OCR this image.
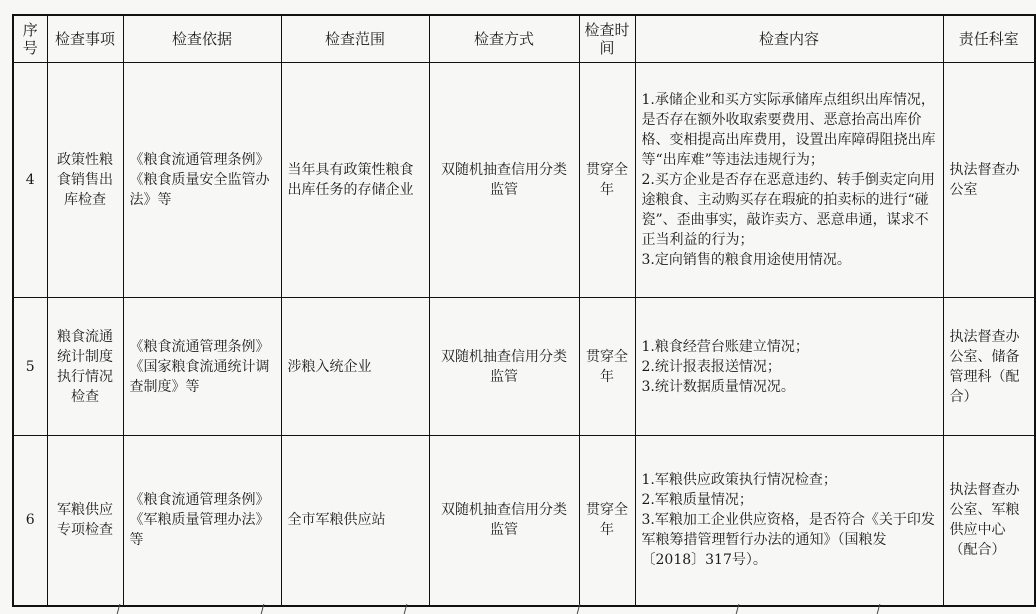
序号	检查事项	检查依据	检查范围	检查方式	检查时间	检查内容	责任科室
4	政策性粮食销售出库检查	《粮食流通管理条例》《粮食质量安全监管办法》等	当年具有政策性粮食出库任务的存储企业	双随机抽查信用分类监管	贯穿全年	1.承储企业和买方实际承储库点组织出库情况，是否存在额外收取索要费用、恶意抬高出库价格、变相提高出库费用，设置出库障碍阻挠出库等“出库难”等违法违规行为；
2.买方企业是否存在恶意违约、转手倒卖定向用途粮食、主动购买存在瑕疵的拍卖标的进行“碰瓷”、歪曲事实，敲诈卖方、恶意串通，谋求不正当利益的行为；
3.定向销售的粮食用途使用情况。	执法督查办公室
5	粮食流通统计制度执行情况检查	《粮食流通管理条例》《国家粮食流通统计调查制度》等	涉粮入统企业	双随机抽查信用分类监管	贯穿全年	1.粮食经营台账建立情况；
2.统计报表报送情况；
3.统计数据质量情况况。	执法督查办公室、储备管理科（配合）
6	军粮供应专项检查	《粮食流通管理条例》《军粮质量管理办法》等	全市军粮供应站	双随机抽查信用分类监管	贯穿全年	1.军粮供应政策执行情况检查；
2.军粮质量情况；
3.军粮加工企业供应资格，是否符合《关于印发军粮筹措管理暂行办法的通知》（国粮发〔2018〕317号）。	执法督查办公室、军粮供应中心（配合）
